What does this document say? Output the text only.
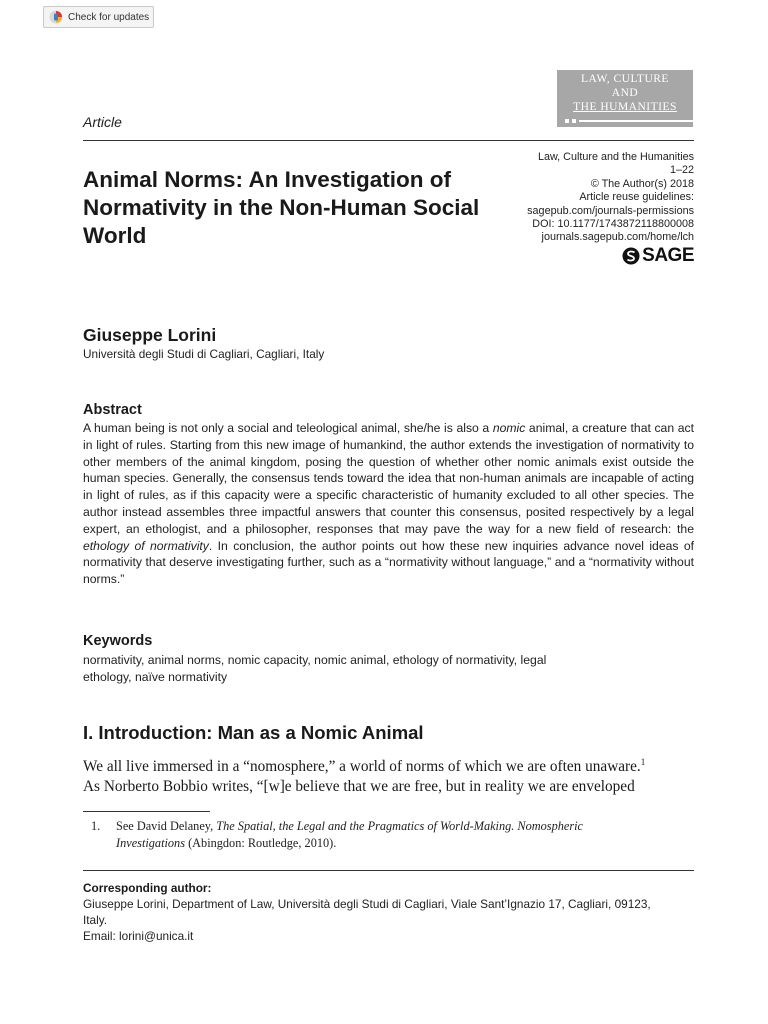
Check for updates
LAW, CULTURE
AND
THE HUMANITIES
Article
Animal Norms: An Investigation of Normativity in the Non-Human Social World
Law, Culture and the Humanities
1–22
© The Author(s) 2018
Article reuse guidelines:
sagepub.com/journals-permissions
DOI: 10.1177/1743872118800008
journals.sagepub.com/home/lch
SAGE
Giuseppe Lorini
Università degli Studi di Cagliari, Cagliari, Italy
Abstract
A human being is not only a social and teleological animal, she/he is also a nomic animal, a creature that can act in light of rules. Starting from this new image of humankind, the author extends the investigation of normativity to other members of the animal kingdom, posing the question of whether other nomic animals exist outside the human species. Generally, the consensus tends toward the idea that non-human animals are incapable of acting in light of rules, as if this capacity were a specific characteristic of humanity excluded to all other species. The author instead assembles three impactful answers that counter this consensus, posited respectively by a legal expert, an ethologist, and a philosopher, responses that may pave the way for a new field of research: the ethology of normativity. In conclusion, the author points out how these new inquiries advance novel ideas of normativity that deserve investigating further, such as a “normativity without language,” and a “normativity without norms.”
Keywords
normativity, animal norms, nomic capacity, nomic animal, ethology of normativity, legal
ethology, naïve normativity
I. Introduction: Man as a Nomic Animal
We all live immersed in a “nomosphere,” a world of norms of which we are often unaware.$^1$
As Norberto Bobbio writes, “[w]e believe that we are free, but in reality we are enveloped
1. See David Delaney, The Spatial, the Legal and the Pragmatics of World-Making. Nomospheric
Investigations (Abingdon: Routledge, 2010).
Corresponding author:
Giuseppe Lorini, Department of Law, Università degli Studi di Cagliari, Viale Sant’Ignazio 17, Cagliari, 09123,
Italy.
Email: lorini@unica.it
